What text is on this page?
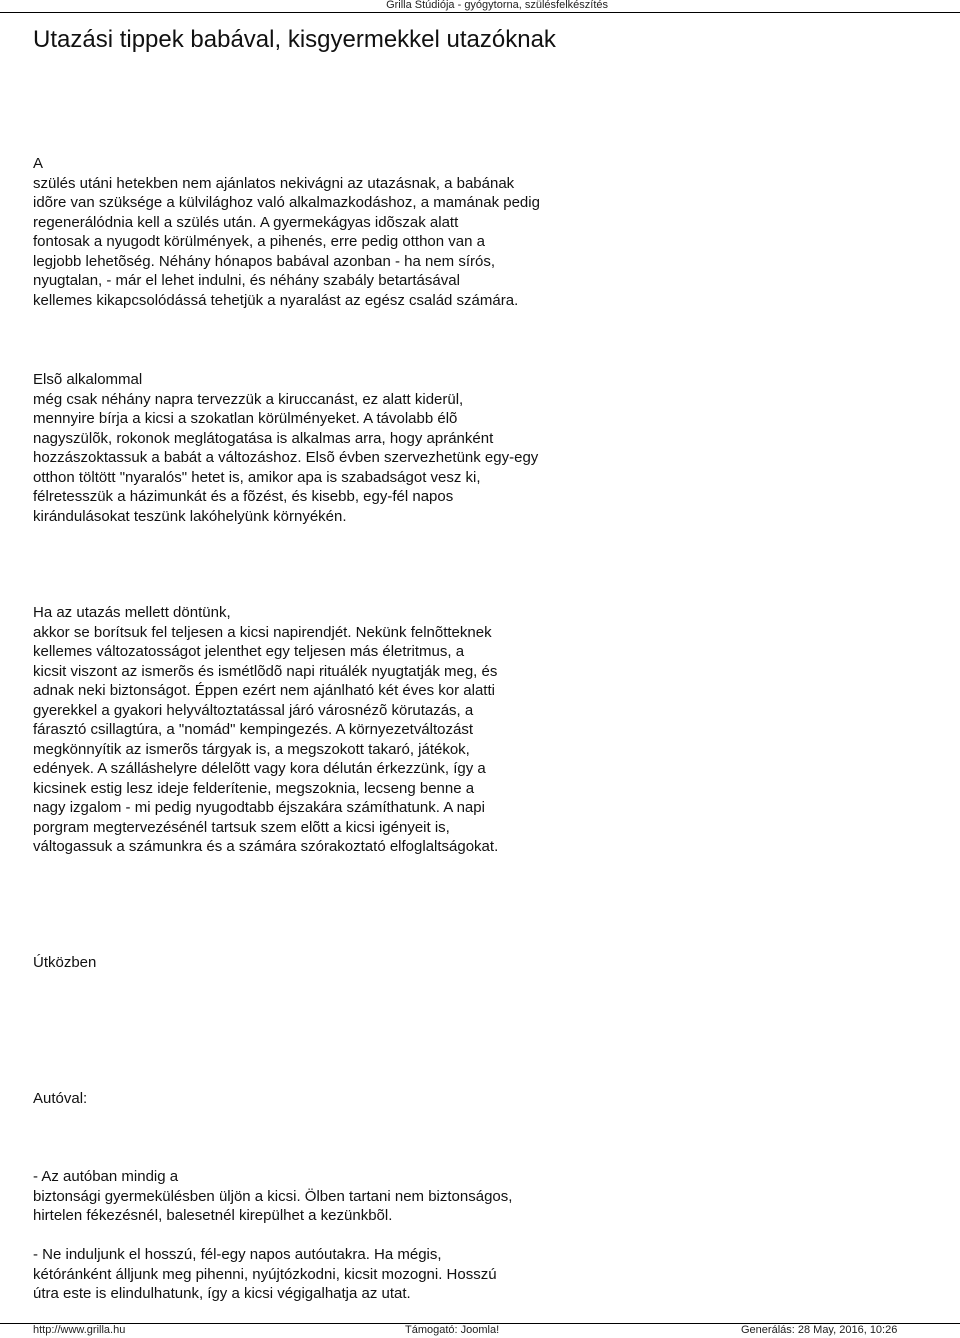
Grilla Stúdiója - gyógytorna, szülésfelkészítés
Utazási tippek babával, kisgyermekkel utazóknak
A
szülés utáni hetekben nem ajánlatos nekivágni az utazásnak, a babának
idõre van szüksége a külvilághoz való alkalmazkodáshoz, a mamának pedig
regenerálódnia kell a szülés után. A gyermekágyas idõszak alatt
fontosak a nyugodt körülmények, a pihenés, erre pedig otthon van a
legjobb lehetõség. Néhány hónapos babával azonban - ha nem sírós,
nyugtalan, - már el lehet indulni, és néhány szabály betartásával
kellemes kikapcsolódássá tehetjük a nyaralást az egész család számára.
Elsõ alkalommal
még csak néhány napra tervezzük a kiruccanást, ez alatt kiderül,
mennyire bírja a kicsi a szokatlan körülményeket. A távolabb élõ
nagyszülõk, rokonok meglátogatása is alkalmas arra, hogy apránként
hozzászoktassuk a babát a változáshoz. Elsõ évben szervezhetünk egy-egy
otthon töltött "nyaralós" hetet is, amikor apa is szabadságot vesz ki,
félretesszük a házimunkát és a fõzést, és kisebb, egy-fél napos
kirándulásokat teszünk lakóhelyünk környékén.
Ha az utazás mellett döntünk,
akkor se borítsuk fel teljesen a kicsi napirendjét. Nekünk felnõtteknek
kellemes változatosságot jelenthet egy teljesen más életritmus, a
kicsit viszont az ismerõs és ismétlõdõ napi rituálék nyugtatják meg, és
adnak neki biztonságot. Éppen ezért nem ajánlható két éves kor alatti
gyerekkel a gyakori helyváltoztatással járó városnézõ körutazás, a
fárasztó csillagtúra, a "nomád" kempingezés. A környezetváltozást
megkönnyítik az ismerõs tárgyak is, a megszokott takaró, játékok,
edények. A szálláshelyre délelõtt vagy kora délután érkezzünk, így a
kicsinek estig lesz ideje felderítenie, megszoknia, lecseng benne a
nagy izgalom - mi pedig nyugodtabb éjszakára számíthatunk. A napi
porgram megtervezésénél tartsuk szem elõtt a kicsi igényeit is,
váltogassuk a számunkra és a számára szórakoztató elfoglaltságokat.
Útközben
Autóval:
- Az autóban mindig a
biztonsági gyermekülésben üljön a kicsi. Ölben tartani nem biztonságos,
hirtelen fékezésnél, balesetnél kirepülhet a kezünkbõl.
- Ne induljunk el hosszú, fél-egy napos autóutakra. Ha mégis,
kétóránként álljunk meg pihenni, nyújtózkodni, kicsit mozogni. Hosszú
útra este is elindulhatunk, így a kicsi végigalhatja az utat.
http://www.grilla.hu	Támogató: Joomla!	Generálás: 28 May, 2016, 10:26
